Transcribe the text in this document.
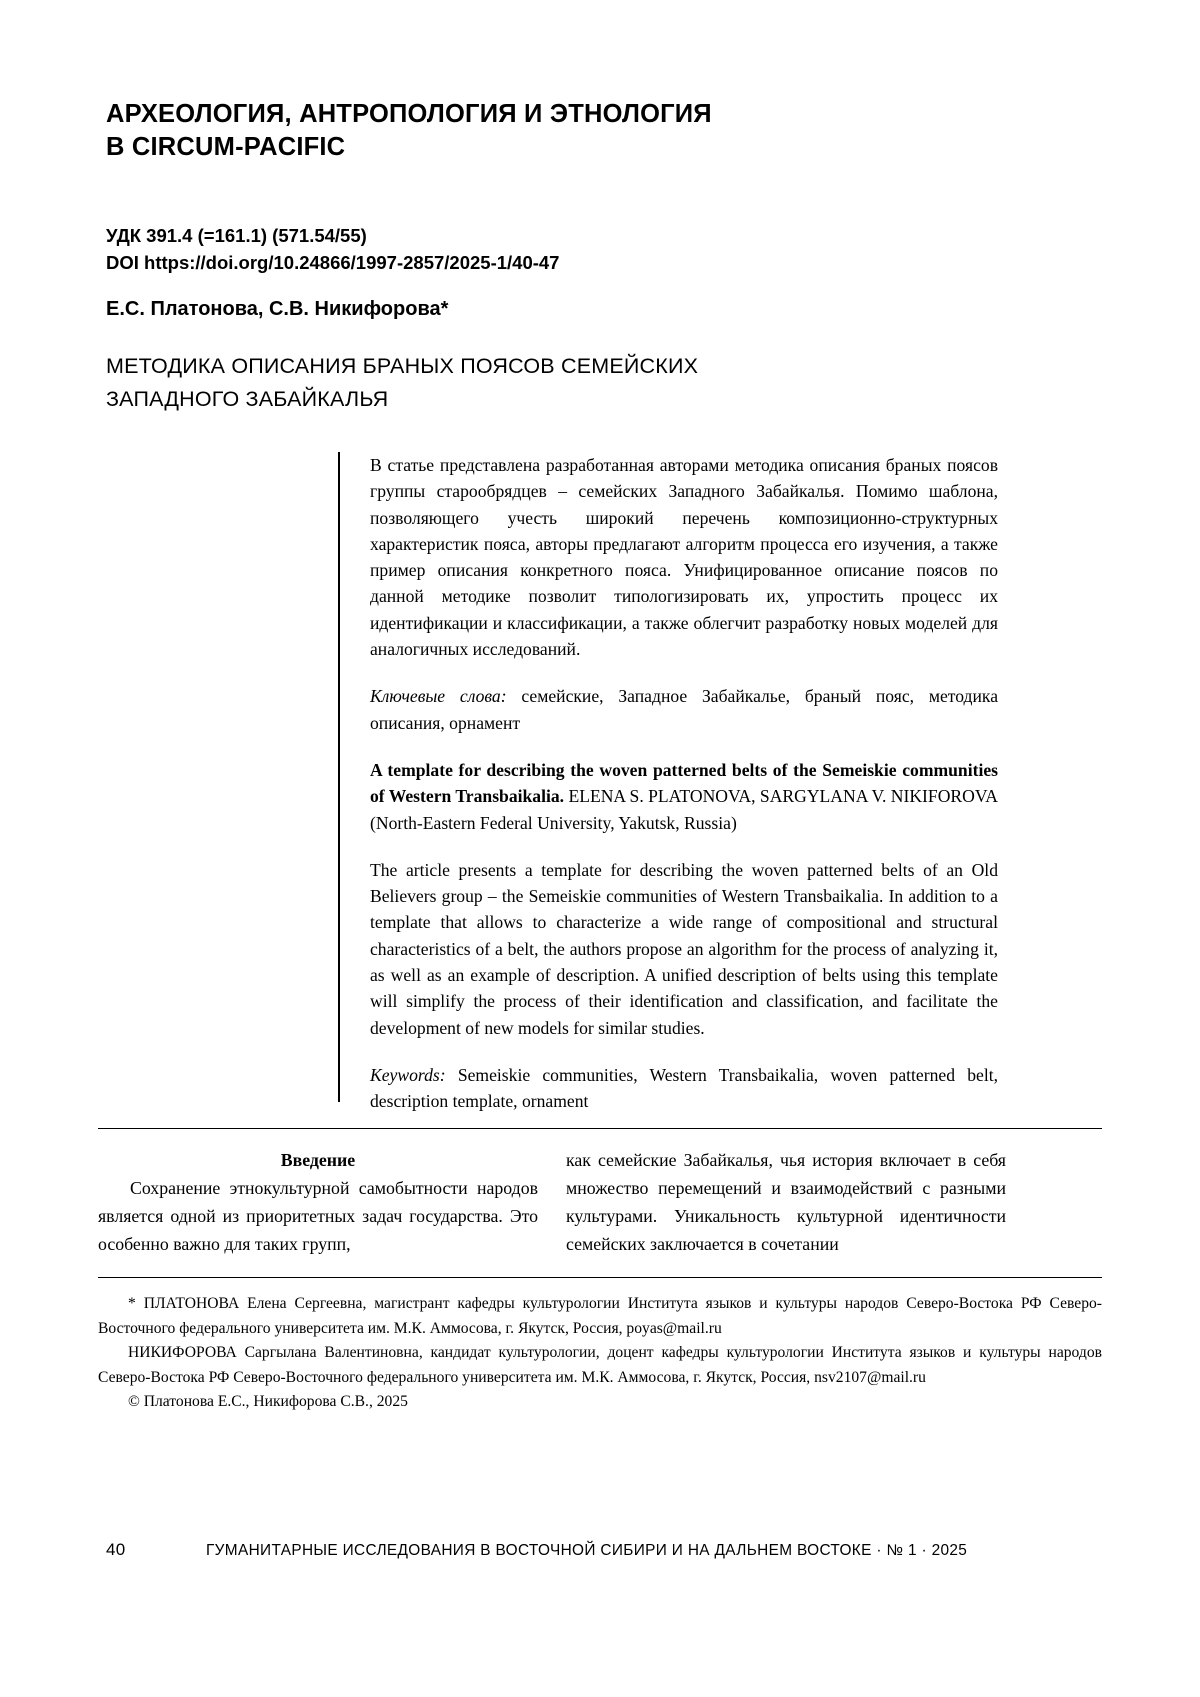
АРХЕОЛОГИЯ, АНТРОПОЛОГИЯ И ЭТНОЛОГИЯ
В CIRCUM-PACIFIC
УДК 391.4 (=161.1) (571.54/55)
DOI https://doi.org/10.24866/1997-2857/2025-1/40-47
Е.С. Платонова, С.В. Никифорова*
МЕТОДИКА ОПИСАНИЯ БРАНЫХ ПОЯСОВ СЕМЕЙСКИХ
ЗАПАДНОГО ЗАБАЙКАЛЬЯ

В статье представлена разработанная авторами методика описания браных поясов группы старообрядцев – семейских Западного Забайкалья. Помимо шаблона, позволяющего учесть широкий перечень композиционно-структурных характеристик пояса, авторы предлагают алгоритм процесса его изучения, а также пример описания конкретного пояса. Унифицированное описание поясов по данной методике позволит типологизировать их, упростить процесс их идентификации и классификации, а также облегчит разработку новых моделей для аналогичных исследований.

Ключевые слова: семейские, Западное Забайкалье, браный пояс, методика описания, орнамент

A template for describing the woven patterned belts of the Semeiskie communities of Western Transbaikalia. ELENA S. PLATONOVA, SARGYLANA V. NIKIFOROVA (North-Eastern Federal University, Yakutsk, Russia)

The article presents a template for describing the woven patterned belts of an Old Believers group – the Semeiskie communities of Western Transbaikalia. In addition to a template that allows to characterize a wide range of compositional and structural characteristics of a belt, the authors propose an algorithm for the process of analyzing it, as well as an example of description. A unified description of belts using this template will simplify the process of their identification and classification, and facilitate the development of new models for similar studies.

Keywords: Semeiskie communities, Western Transbaikalia, woven patterned belt, description template, ornament

Введение

Сохранение этнокультурной самобытности народов является одной из приоритетных задач государства. Это особенно важно для таких групп,

как семейские Забайкалья, чья история включает в себя множество перемещений и взаимодействий с разными культурами. Уникальность культурной идентичности семейских заключается в сочетании

* ПЛАТОНОВА Елена Сергеевна, магистрант кафедры культурологии Института языков и культуры народов Северо-Востока РФ Северо-Восточного федерального университета им. М.К. Аммосова, г. Якутск, Россия, poyas@mail.ru

НИКИФОРОВА Саргылана Валентиновна, кандидат культурологии, доцент кафедры культурологии Института языков и культуры народов Северо-Востока РФ Северо-Восточного федерального университета им. М.К. Аммосова, г. Якутск, Россия, nsv2107@mail.ru

© Платонова Е.С., Никифорова С.В., 2025

40	ГУМАНИТАРНЫЕ ИССЛЕДОВАНИЯ В ВОСТОЧНОЙ СИБИРИ И НА ДАЛЬНЕМ ВОСТОКЕ · № 1 · 2025
